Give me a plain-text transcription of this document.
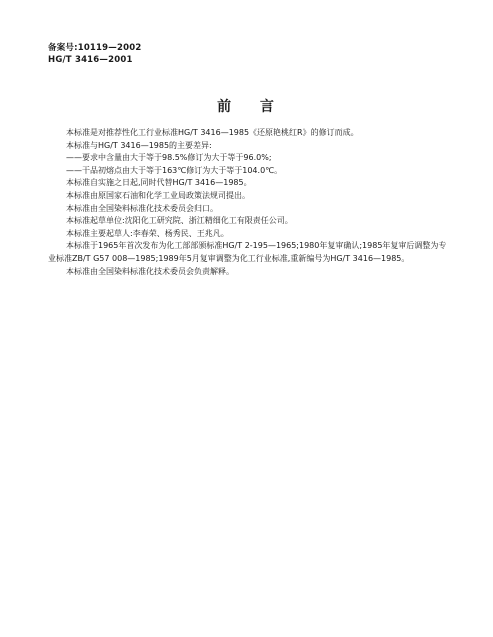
备案号:10119—2002
HG/T 3416—2001
前 言

本标准是对推荐性化工行业标准HG/T 3416—1985《还原艳桃红R》的修订而成。

本标准与HG/T 3416—1985的主要差异:

——要求中含量由大于等于98.5%修订为大于等于96.0%;

——干品初熔点由大于等于163℃修订为大于等于104.0℃。

本标准自实施之日起,同时代替HG/T 3416—1985。

本标准由原国家石油和化学工业局政策法规司提出。

本标准由全国染料标准化技术委员会归口。

本标准起草单位:沈阳化工研究院、浙江精细化工有限责任公司。

本标准主要起草人:李春荣、杨秀民、王兆凡。

本标准于1965年首次发布为化工部部颁标准HG/T 2-195—1965;1980年复审确认;1985年复审后调整为专业标准ZB/T G57 008—1985;1989年5月复审调整为化工行业标准,重新编号为HG/T 3416—1985。

本标准由全国染料标准化技术委员会负责解释。
